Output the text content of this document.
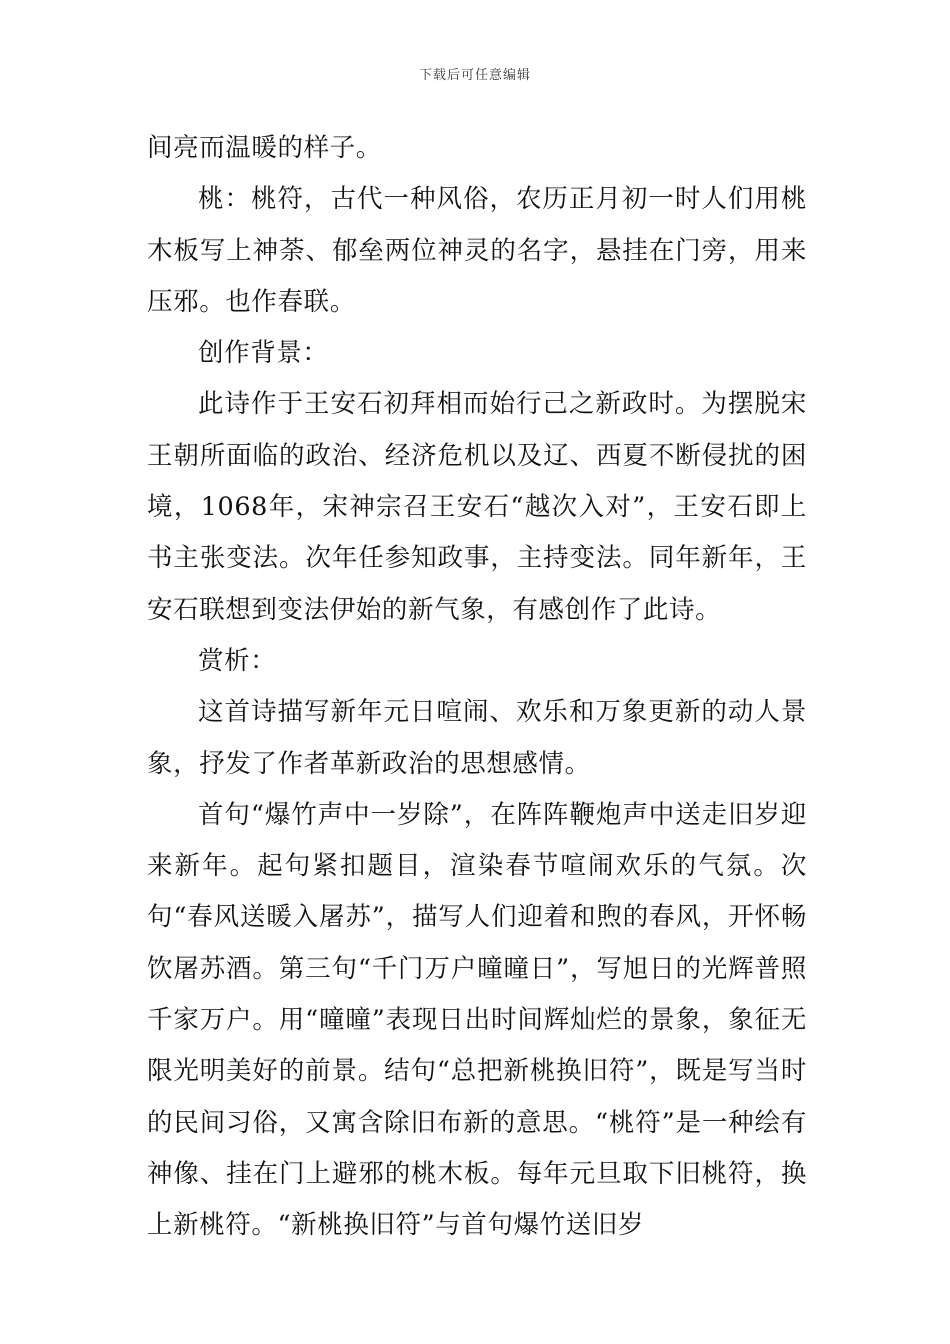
下载后可任意编辑

间亮而温暖的样子。

桃：桃符，古代一种风俗，农历正月初一时人们用桃木板写上神荼、郁垒两位神灵的名字，悬挂在门旁，用来压邪。也作春联。

创作背景：

此诗作于王安石初拜相而始行己之新政时。为摆脱宋王朝所面临的政治、经济危机以及辽、西夏不断侵扰的困境，1068年，宋神宗召王安石“越次入对”，王安石即上书主张变法。次年任参知政事，主持变法。同年新年，王安石联想到变法伊始的新气象，有感创作了此诗。

赏析：

这首诗描写新年元日喧闹、欢乐和万象更新的动人景象，抒发了作者革新政治的思想感情。

首句“爆竹声中一岁除”，在阵阵鞭炮声中送走旧岁迎来新年。起句紧扣题目，渲染春节喧闹欢乐的气氛。次句“春风送暖入屠苏”，描写人们迎着和煦的春风，开怀畅饮屠苏酒。第三句“千门万户曈曈日”，写旭日的光辉普照千家万户。用“曈曈”表现日出时间辉灿烂的景象，象征无限光明美好的前景。结句“总把新桃换旧符”，既是写当时的民间习俗，又寓含除旧布新的意思。“桃符”是一种绘有神像、挂在门上避邪的桃木板。每年元旦取下旧桃符，换上新桃符。“新桃换旧符”与首句爆竹送旧岁
